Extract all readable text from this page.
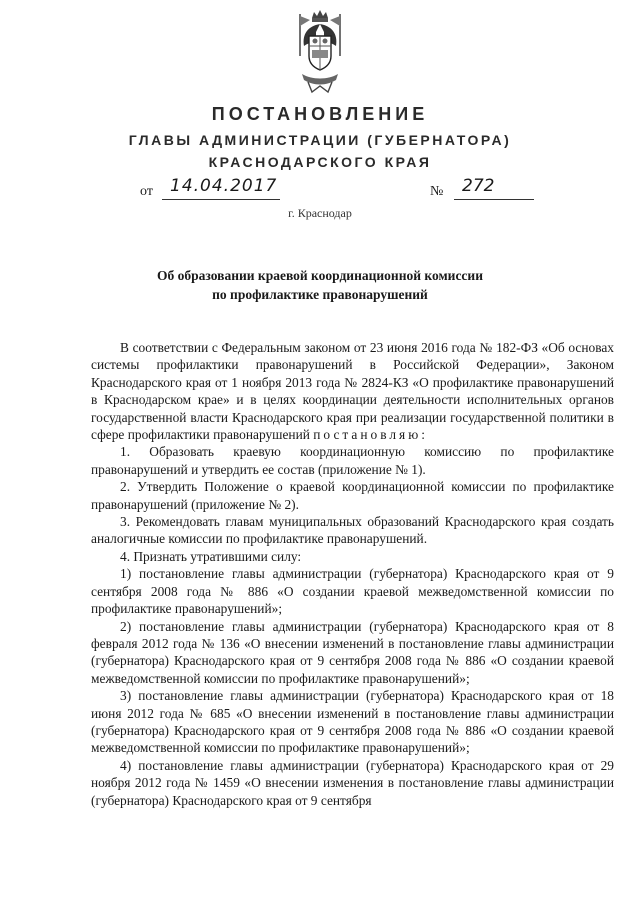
ПОСТАНОВЛЕНИЕ
ГЛАВЫ АДМИНИСТРАЦИИ (ГУБЕРНАТОРА)
КРАСНОДАРСКОГО КРАЯ
от	14.04.2017	№	272
г. Краснодар
Об образовании краевой координационной комиссии
по профилактике правонарушений

В соответствии с Федеральным законом от 23 июня 2016 года № 182-ФЗ «Об основах системы профилактики правонарушений в Российской Федерации», Законом Краснодарского края от 1 ноября 2013 года № 2824-КЗ «О профилактике правонарушений в Краснодарском крае» и в целях координации деятельности исполнительных органов государственной власти Краснодарского края при реализации государственной политики в сфере профилактики правонарушений постановляю:

1. Образовать краевую координационную комиссию по профилактике правонарушений и утвердить ее состав (приложение № 1).

2. Утвердить Положение о краевой координационной комиссии по профилактике правонарушений (приложение № 2).

3. Рекомендовать главам муниципальных образований Краснодарского края создать аналогичные комиссии по профилактике правонарушений.

4. Признать утратившими силу:

1) постановление главы администрации (губернатора) Краснодарского края от 9 сентября 2008 года № 886 «О создании краевой межведомственной комиссии по профилактике правонарушений»;

2) постановление главы администрации (губернатора) Краснодарского края от 8 февраля 2012 года № 136 «О внесении изменений в постановление главы администрации (губернатора) Краснодарского края от 9 сентября 2008 года № 886 «О создании краевой межведомственной комиссии по профилактике правонарушений»;

3) постановление главы администрации (губернатора) Краснодарского края от 18 июня 2012 года № 685 «О внесении изменений в постановление главы администрации (губернатора) Краснодарского края от 9 сентября 2008 года № 886 «О создании краевой межведомственной комиссии по профилактике правонарушений»;

4) постановление главы администрации (губернатора) Краснодарского края от 29 ноября 2012 года № 1459 «О внесении изменения в постановление главы администрации (губернатора) Краснодарского края от 9 сентября
